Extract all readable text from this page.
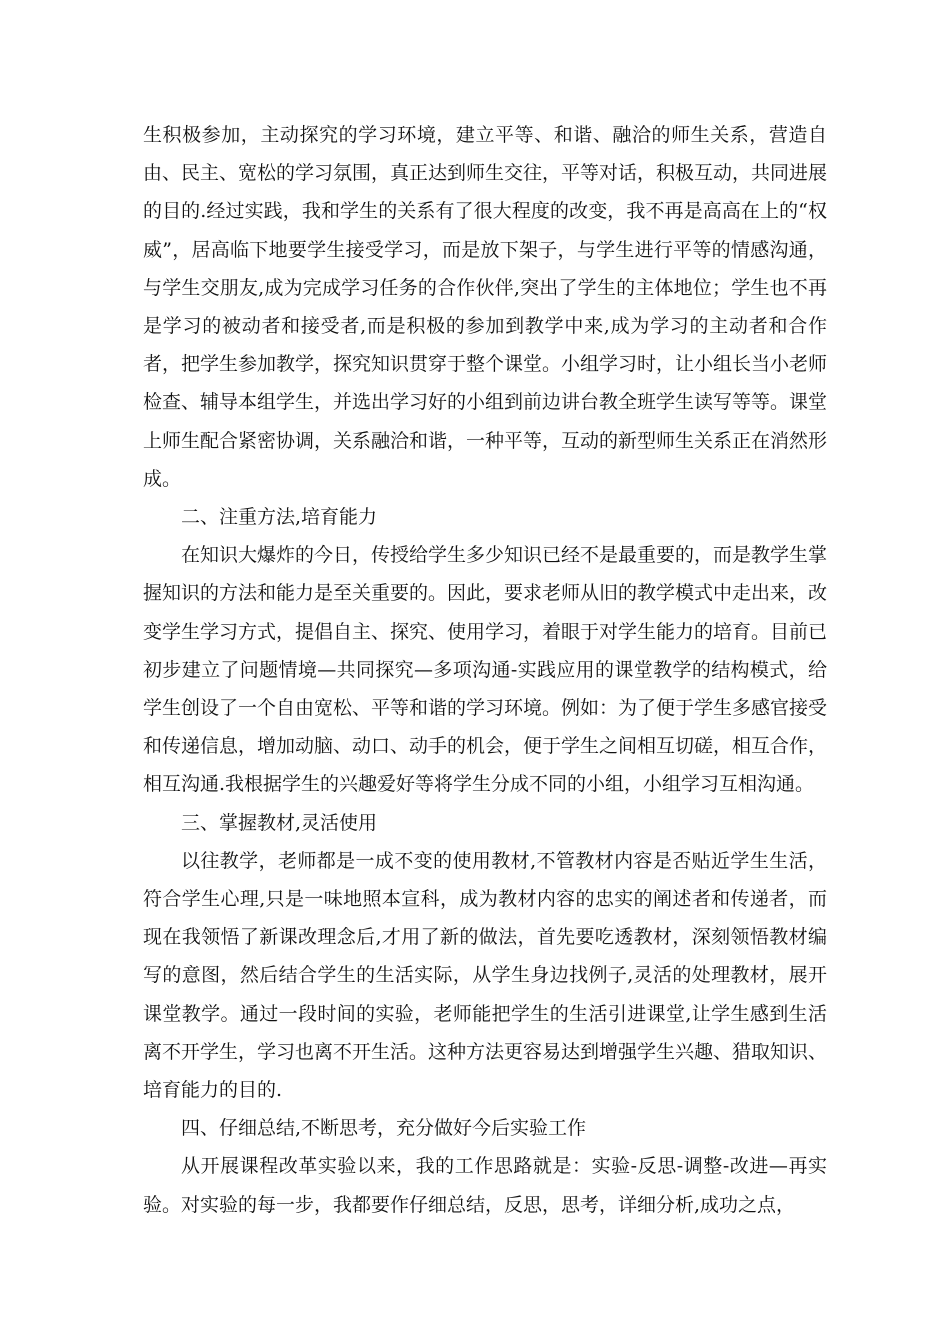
生积极参加，主动探究的学习环境，建立平等、和谐、融洽的师生关系，营造自由、民主、宽松的学习氛围，真正达到师生交往，平等对话，积极互动，共同进展的目的.经过实践，我和学生的关系有了很大程度的改变，我不再是高高在上的“权威”，居高临下地要学生接受学习，而是放下架子，与学生进行平等的情感沟通，与学生交朋友,成为完成学习任务的合作伙伴,突出了学生的主体地位；学生也不再是学习的被动者和接受者,而是积极的参加到教学中来,成为学习的主动者和合作者，把学生参加教学，探究知识贯穿于整个课堂。小组学习时，让小组长当小老师检查、辅导本组学生，并选出学习好的小组到前边讲台教全班学生读写等等。课堂上师生配合紧密协调，关系融洽和谐，一种平等，互动的新型师生关系正在消然形成。

二、注重方法,培育能力

在知识大爆炸的今日，传授给学生多少知识已经不是最重要的，而是教学生掌握知识的方法和能力是至关重要的。因此，要求老师从旧的教学模式中走出来，改变学生学习方式，提倡自主、探究、使用学习，着眼于对学生能力的培育。目前已初步建立了问题情境—共同探究—多项沟通-实践应用的课堂教学的结构模式，给学生创设了一个自由宽松、平等和谐的学习环境。例如：为了便于学生多感官接受和传递信息，增加动脑、动口、动手的机会，便于学生之间相互切磋，相互合作，相互沟通.我根据学生的兴趣爱好等将学生分成不同的小组，小组学习互相沟通。

三、掌握教材,灵活使用

以往教学，老师都是一成不变的使用教材,不管教材内容是否贴近学生生活，符合学生心理,只是一味地照本宣科，成为教材内容的忠实的阐述者和传递者，而现在我领悟了新课改理念后,才用了新的做法，首先要吃透教材，深刻领悟教材编写的意图，然后结合学生的生活实际，从学生身边找例子,灵活的处理教材，展开课堂教学。通过一段时间的实验，老师能把学生的生活引进课堂,让学生感到生活离不开学生，学习也离不开生活。这种方法更容易达到增强学生兴趣、猎取知识、培育能力的目的.

四、仔细总结,不断思考，充分做好今后实验工作

从开展课程改革实验以来，我的工作思路就是：实验-反思-调整-改进—再实验。对实验的每一步，我都要作仔细总结，反思，思考，详细分析,成功之点，
